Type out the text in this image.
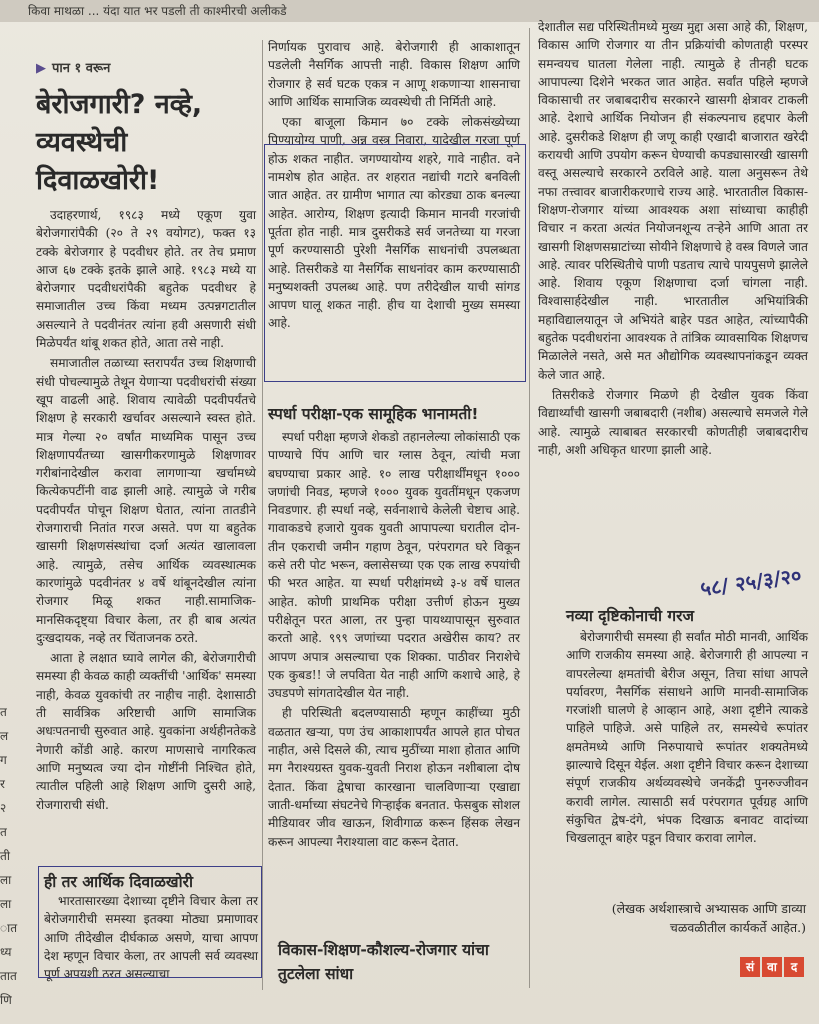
किवा माथळा ... यंदा यात भर पडली ती काश्मीरची अलीकडे
त
ल
ग
र
२
त
ती
ला
ला
ात
ध्य
तात
णि
▶ पान १ वरून
बेरोजगारी? नव्हे, व्यवस्थेची दिवाळखोरी!

उदाहरणार्थ, १९८३ मध्ये एकूण युवा बेरोजगारांपैकी (२० ते २९ वयोगट), फक्त १३ टक्के बेरोजगार हे पदवीधर होते. तर तेच प्रमाण आज ६७ टक्के इतके झाले आहे. १९८३ मध्ये या बेरोजगार पदवीधरांपैकी बहुतेक पदवीधर हे समाजातील उच्च किंवा मध्यम उत्पन्नगटातील असल्याने ते पदवीनंतर त्यांना हवी असणारी संधी मिळेपर्यंत थांबू शकत होते, आता तसे नाही.

समाजातील तळाच्या स्तरापर्यंत उच्च शिक्षणाची संधी पोचल्यामुळे तेथून येणाऱ्या पदवीधरांची संख्या खूप वाढली आहे. शिवाय त्यावेळी पदवीपर्यंतचे शिक्षण हे सरकारी खर्चावर असल्याने स्वस्त होते. मात्र गेल्या २० वर्षांत माध्यमिक पासून उच्च शिक्षणापर्यंतच्या खासगीकरणामुळे शिक्षणावर गरीबांनादेखील करावा लागणाऱ्या खर्चामध्ये कित्येकपटींनी वाढ झाली आहे. त्यामुळे जे गरीब पदवीपर्यंत पोचून शिक्षण घेतात, त्यांना तातडीने रोजगाराची नितांत गरज असते. पण या बहुतेक खासगी शिक्षणसंस्थांचा दर्जा अत्यंत खालावला आहे. त्यामुळे, तसेच आर्थिक व्यवस्थात्मक कारणांमुळे पदवीनंतर ४ वर्षे थांबूनदेखील त्यांना रोजगार मिळू शकत नाही.सामाजिक-मानसिकदृष्ट्या विचार केला, तर ही बाब अत्यंत दुःखदायक, नव्हे तर चिंताजनक ठरते.

आता हे लक्षात घ्यावे लागेल की, बेरोजगारीची समस्या ही केवळ काही व्यक्तींची 'आर्थिक' समस्या नाही, केवळ युवकांची तर नाहीच नाही. देशासाठी ती सार्वत्रिक अरिष्टाची आणि सामाजिक अधःपतनाची सुरुवात आहे. युवकांना अर्थहीनतेकडे नेणारी कोंडी आहे. कारण माणसाचे नागरिकत्व आणि मनुष्यत्व ज्या दोन गोष्टींनी निश्चित होते, त्यातील पहिली आहे शिक्षण आणि दुसरी आहे, रोजगाराची संधी.

ही तर आर्थिक दिवाळखोरी

भारतासारख्या देशाच्या दृष्टीने विचार केला तर बेरोजगारीची समस्या इतक्या मोठ्या प्रमाणावर आणि तीदेखील दीर्घकाळ असणे, याचा आपण देश म्हणून विचार केला, तर आपली सर्व व्यवस्था पूर्ण अपयशी ठरत असल्याचा

निर्णायक पुरावाच आहे. बेरोजगारी ही आकाशातून पडलेली नैसर्गिक आपत्ती नाही. विकास शिक्षण आणि रोजगार हे सर्व घटक एकत्र न आणू शकणाऱ्या शासनाचा आणि आर्थिक सामाजिक व्यवस्थेची ती निर्मिती आहे.

एका बाजूला किमान ७० टक्के लोकसंख्येच्या पिण्यायोग्य पाणी, अन्न वस्त्र निवारा, यादेखील गरजा पूर्ण होऊ शकत नाहीत. जगण्यायोग्य शहरे, गावे नाहीत. वने नामशेष होत आहेत. तर शहरात नद्यांची गटारे बनविली जात आहेत. तर ग्रामीण भागात त्या कोरड्या ठाक बनल्या आहेत. आरोग्य, शिक्षण इत्यादी किमान मानवी गरजांची पूर्तता होत नाही. मात्र दुसरीकडे सर्व जनतेच्या या गरजा पूर्ण करण्यासाठी पुरेशी नैसर्गिक साधनांची उपलब्धता आहे. तिसरीकडे या नैसर्गिक साधनांवर काम करण्यासाठी मनुष्यशक्ती उपलब्ध आहे. पण तरीदेखील याची सांगड आपण घालू शकत नाही. हीच या देशाची मुख्य समस्या आहे.

स्पर्धा परीक्षा-एक सामूहिक भानामती!

स्पर्धा परीक्षा म्हणजे शेकडो तहानलेल्या लोकांसाठी एक पाण्याचे पिंप आणि चार ग्लास ठेवून, त्यांची मजा बघण्याचा प्रकार आहे. १० लाख परीक्षार्थींमधून १००० जणांची निवड, म्हणजे १००० युवक युवतींमधून एकजण निवडणार. ही स्पर्धा नव्हे, सर्वनाशाचे केलेली चेष्टाच आहे. गावाकडचे हजारो युवक युवती आपापल्या घरातील दोन-तीन एकराची जमीन गहाण ठेवून, परंपरागत घरे विकून कसे तरी पोट भरून, क्लासेसच्या एक एक लाख रुपयांची फी भरत आहेत. या स्पर्धा परीक्षांमध्ये ३-४ वर्षे घालत आहेत. कोणी प्राथमिक परीक्षा उत्तीर्ण होऊन मुख्य परीक्षेतून परत आला, तर पुन्हा पायथ्यापासून सुरुवात करतो आहे. ९९९ जणांच्या पदरात अखेरीस काय? तर आपण अपात्र असल्याचा एक शिक्का. पाठीवर निराशेचे एक कुबड!! जे लपविता येत नाही आणि कशाचे आहे, हे उघडपणे सांगतादेखील येत नाही.

ही परिस्थिती बदलण्यासाठी म्हणून काहींच्या मुठी वळतात खऱ्या, पण उंच आकाशापर्यंत आपले हात पोचत नाहीत, असे दिसले की, त्याच मुठींच्या माशा होतात आणि मग नैराश्यग्रस्त युवक-युवती निराश होऊन नशीबाला दोष देतात. किंवा द्वेषाचा कारखाना चालविणाऱ्या एखाद्या जाती-धर्माच्या संघटनेचे गिऱ्हाईक बनतात. फेसबुक सोशल मीडियावर जीव खाऊन, शिवीगाळ करून हिंसक लेखन करून आपल्या नैराश्याला वाट करून देतात.

विकास-शिक्षण-कौशल्य-रोजगार यांचा तुटलेला सांधा

देशातील सद्य परिस्थितीमध्ये मुख्य मुद्दा असा आहे की, शिक्षण, विकास आणि रोजगार या तीन प्रक्रियांची कोणताही परस्पर समन्वयच घातला गेलेला नाही. त्यामुळे हे तीनही घटक आपापल्या दिशेने भरकत जात आहेत. सर्वांत पहिले म्हणजे विकासाची तर जबाबदारीच सरकारने खासगी क्षेत्रावर टाकली आहे. देशाचे आर्थिक नियोजन ही संकल्पनाच हद्दपार केली आहे. दुसरीकडे शिक्षण ही जणू काही एखादी बाजारात खरेदी करायची आणि उपयोग करून घेण्याची कपड्यासारखी खासगी वस्तू असल्याचे सरकारने ठरविले आहे. याला अनुसरून तेथे नफा तत्त्वावर बाजारीकरणाचे राज्य आहे. भारतातील विकास-शिक्षण-रोजगार यांच्या आवश्यक अशा सांध्याचा काहीही विचार न करता अत्यंत नियोजनशून्य तऱ्हेने आणि आता तर खासगी शिक्षणसम्राटांच्या सोयीने शिक्षणाचे हे वस्त्र विणले जात आहे. त्यावर परिस्थितीचे पाणी पडताच त्याचे पायपुसणे झालेले आहे. शिवाय एकूण शिक्षणाचा दर्जा चांगला नाही. विश्वासार्हदेखील नाही. भारतातील अभियांत्रिकी महाविद्यालयातून जे अभियंते बाहेर पडत आहेत, त्यांच्यापैकी बहुतेक पदवीधरांना आवश्यक ते तांत्रिक व्यावसायिक शिक्षणच मिळालेले नसते, असे मत औद्योगिक व्यवस्थापनांकडून व्यक्त केले जात आहे.

तिसरीकडे रोजगार मिळणे ही देखील युवक किंवा विद्यार्थ्यांची खासगी जबाबदारी (नशीब) असल्याचे समजले गेले आहे. त्यामुळे त्याबाबत सरकारची कोणतीही जबाबदारीच नाही, अशी अधिकृत धारणा झाली आहे.

नव्या दृष्टिकोनाची गरज

बेरोजगारीची समस्या ही सर्वांत मोठी मानवी, आर्थिक आणि राजकीय समस्या आहे. बेरोजगारी ही आपल्या न वापरलेल्या क्षमतांची बेरीज असून, तिचा सांधा आपले पर्यावरण, नैसर्गिक संसाधने आणि मानवी-सामाजिक गरजांशी घालणे हे आव्हान आहे, अशा दृष्टीने त्याकडे पाहिले पाहिजे. असे पाहिले तर, समस्येचे रूपांतर क्षमतेमध्ये आणि निरुपायाचे रूपांतर शक्यतेमध्ये झाल्याचे दिसून येईल. अशा दृष्टीने विचार करून देशाच्या संपूर्ण राजकीय अर्थव्यवस्थेचे जनकेंद्री पुनरुज्जीवन करावी लागेल. त्यासाठी सर्व परंपरागत पूर्वग्रह आणि संकुचित द्वेष-दंगे, भंपक दिखाऊ बनावट वादांच्या चिखलातून बाहेर पडून विचार करावा लागेल.

(लेखक अर्थशास्त्राचे अभ्यासक आणि डाव्या चळवळीतील कार्यकर्ते आहेत.)
५८/ २५/३/२०
सं	वा	द
